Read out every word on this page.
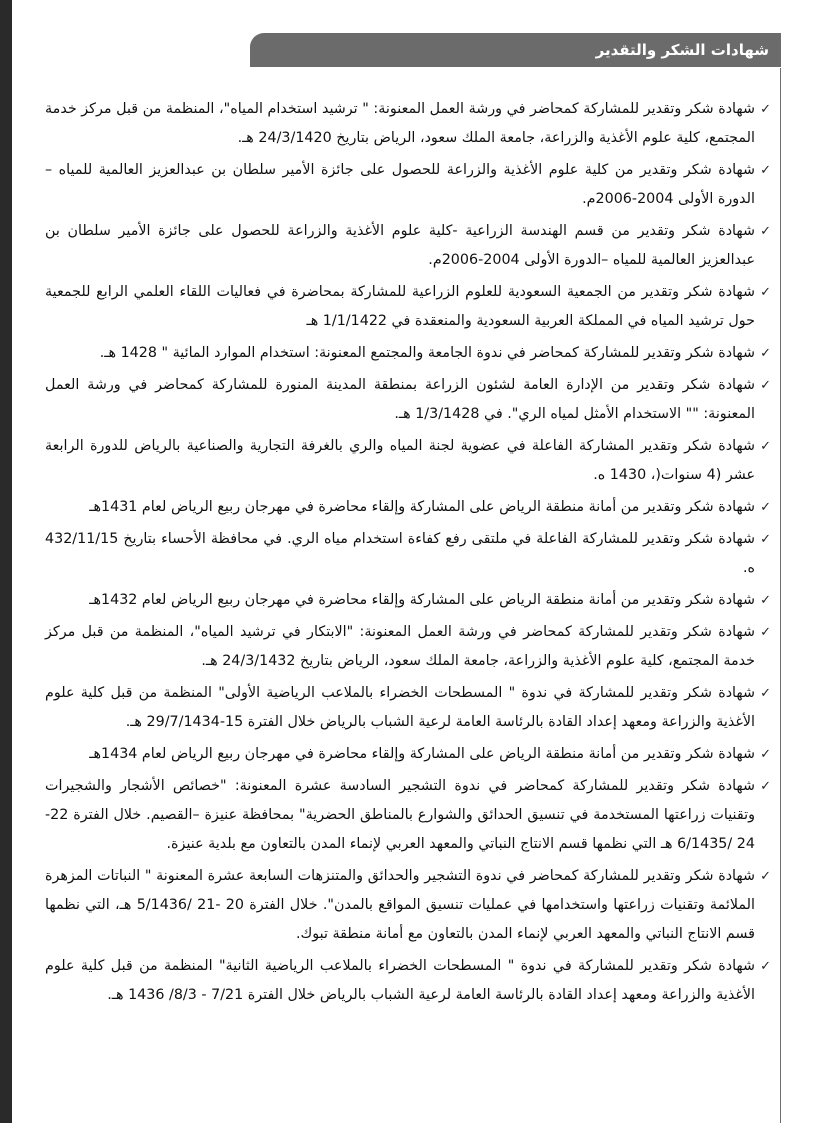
شهادات الشكر والتقدير
✓
شهادة شكر وتقدير للمشاركة كمحاضر في ورشة العمل المعنونة: " ترشيد استخدام المياه"، المنظمة من قبل مركز خدمة المجتمع، كلية علوم الأغذية والزراعة، جامعة الملك سعود، الرياض بتاريخ 24/3/1420 هـ.
✓
شهادة شكر وتقدير من كلية علوم الأغذية والزراعة للحصول على جائزة الأمير سلطان بن عبدالعزيز العالمية للمياه – الدورة الأولى 2004-2006م.
✓
شهادة شكر وتقدير من قسم الهندسة الزراعية -كلية علوم الأغذية والزراعة للحصول على جائزة الأمير سلطان بن عبدالعزيز العالمية للمياه –الدورة الأولى 2004-2006م.
✓
شهادة شكر وتقدير من الجمعية السعودية للعلوم الزراعية للمشاركة بمحاضرة في فعاليات اللقاء العلمي الرابع للجمعية حول ترشيد المياه في المملكة العربية السعودية والمنعقدة في 1/1/1422 هـ
✓
شهادة شكر وتقدير للمشاركة كمحاضر في ندوة الجامعة والمجتمع المعنونة: استخدام الموارد المائية " 1428 هـ.
✓
شهادة شكر وتقدير من الإدارة العامة لشئون الزراعة بمنطقة المدينة المنورة للمشاركة كمحاضر في ورشة العمل المعنونة: "" الاستخدام الأمثل لمياه الري". في 1/3/1428 هـ.
✓
شهادة شكر وتقدير المشاركة الفاعلة في عضوية لجنة المياه والري بالغرفة التجارية والصناعية بالرياض للدورة الرابعة عشر (4 سنوات(، 1430 ه.
✓
شهادة شكر وتقدير من أمانة منطقة الرياض على المشاركة وإلقاء محاضرة في مهرجان ربيع الرياض لعام 1431هـ
✓
شهادة شكر وتقدير للمشاركة الفاعلة في ملتقى رفع كفاءة استخدام مياه الري. في محافظة الأحساء بتاريخ 432/11/15 ه.
✓
شهادة شكر وتقدير من أمانة منطقة الرياض على المشاركة وإلقاء محاضرة في مهرجان ربيع الرياض لعام 1432هـ
✓
شهادة شكر وتقدير للمشاركة كمحاضر في ورشة العمل المعنونة: "الابتكار في ترشيد المياه"، المنظمة من قبل مركز خدمة المجتمع، كلية علوم الأغذية والزراعة، جامعة الملك سعود، الرياض بتاريخ 24/3/1432 هـ.
✓
شهادة شكر وتقدير للمشاركة في ندوة " المسطحات الخضراء بالملاعب الرياضية الأولى" المنظمة من قبل كلية علوم الأغذية والزراعة ومعهد إعداد القادة بالرئاسة العامة لرعية الشباب بالرياض خلال الفترة 15-29/7/1434 هـ.
✓
شهادة شكر وتقدير من أمانة منطقة الرياض على المشاركة وإلقاء محاضرة في مهرجان ربيع الرياض لعام 1434هـ
✓
شهادة شكر وتقدير للمشاركة كمحاضر في ندوة التشجير السادسة عشرة المعنونة: "خصائص الأشجار والشجيرات وتقنيات زراعتها المستخدمة في تنسيق الحدائق والشوارع بالمناطق الحضرية" بمحافظة عنيزة –القصيم. خلال الفترة 22-24 /6/1435 هـ التي نظمها قسم الانتاج النباتي والمعهد العربي لإنماء المدن بالتعاون مع بلدية عنيزة.
✓
شهادة شكر وتقدير للمشاركة كمحاضر في ندوة التشجير والحدائق والمتنزهات السابعة عشرة المعنونة " النباتات المزهرة الملائمة وتقنيات زراعتها واستخدامها في عمليات تنسيق المواقع بالمدن". خلال الفترة 20 -21 /5/1436 هـ، التي نظمها قسم الانتاج النباتي والمعهد العربي لإنماء المدن بالتعاون مع أمانة منطقة تبوك.
✓
شهادة شكر وتقدير للمشاركة في ندوة " المسطحات الخضراء بالملاعب الرياضية الثانية" المنظمة من قبل كلية علوم الأغذية والزراعة ومعهد إعداد القادة بالرئاسة العامة لرعية الشباب بالرياض خلال الفترة 7/21 - 8/3/ 1436 هـ.
